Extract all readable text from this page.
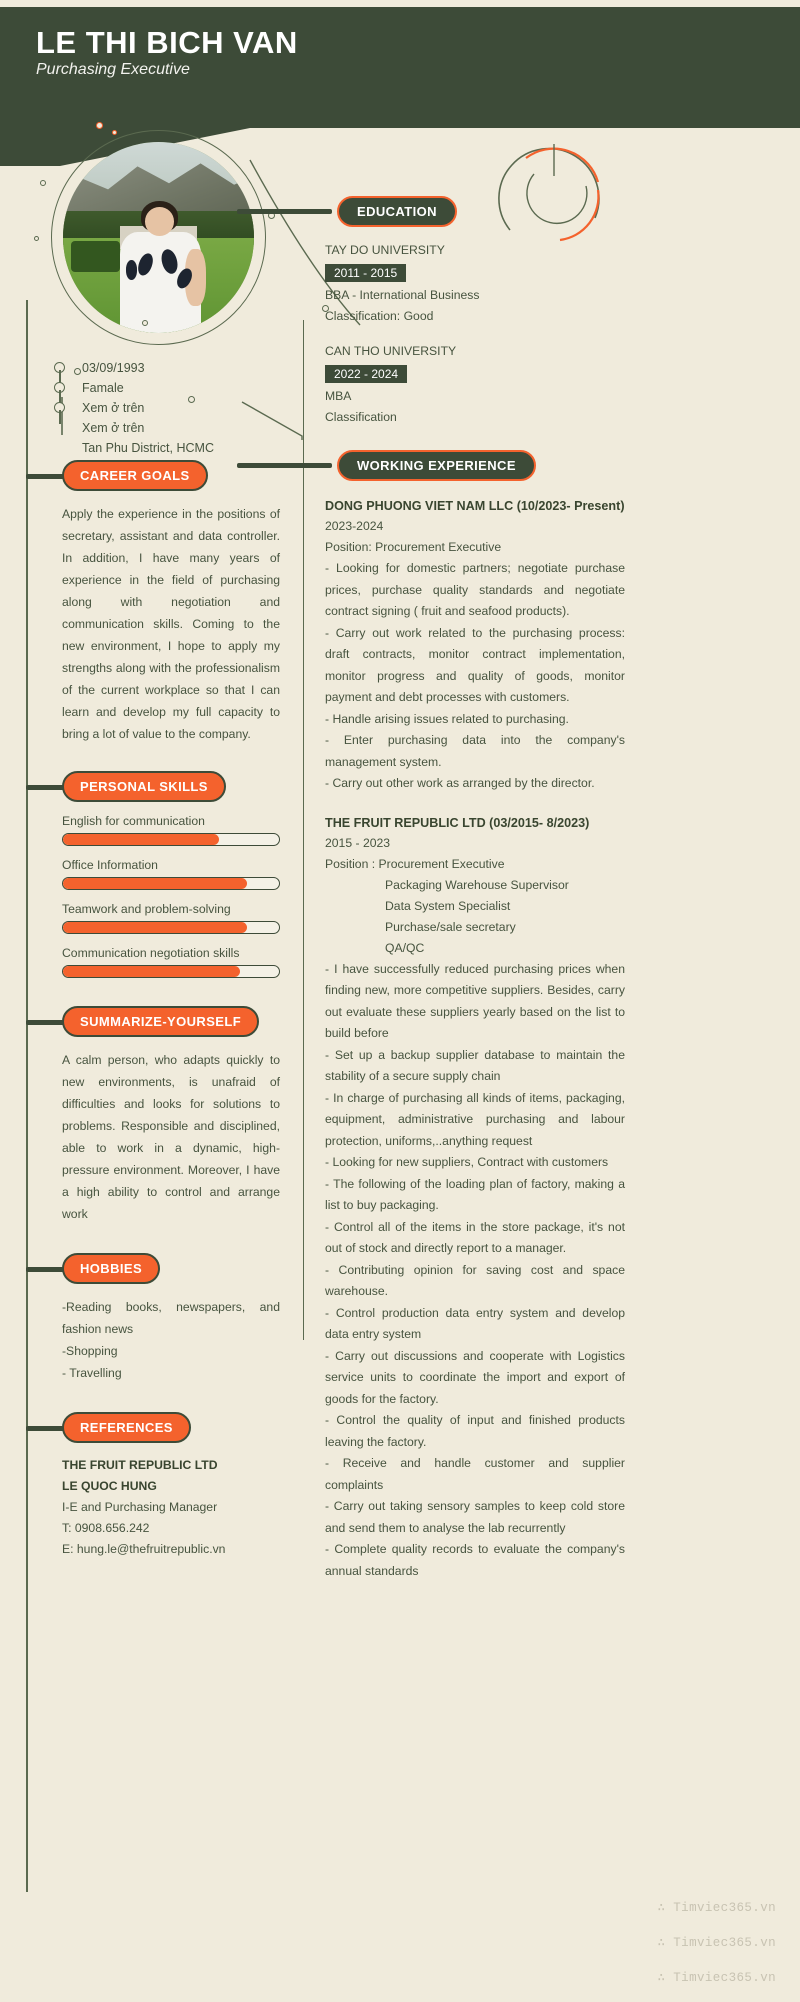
LE THI BICH VAN
Purchasing Executive
03/09/1993
Famale
Xem ở trên
Xem ở trên
Tan Phu District, HCMC
CAREER GOALS
Apply the experience in the positions of secretary, assistant and data controller. In addition, I have many years of experience in the field of purchasing along with negotiation and communication skills. Coming to the new environment, I hope to apply my strengths along with the professionalism of the current workplace so that I can learn and develop my full capacity to bring a lot of value to the company.
PERSONAL SKILLS
English for communication
Office Information
Teamwork and problem-solving
Communication negotiation skills
SUMMARIZE-YOURSELF
A calm person, who adapts quickly to new environments, is unafraid of difficulties and looks for solutions to problems. Responsible and disciplined, able to work in a dynamic, high-pressure environment. Moreover, I have a high ability to control and arrange work
HOBBIES
-Reading books, newspapers, and fashion news
-Shopping
- Travelling
REFERENCES
THE FRUIT REPUBLIC LTD
LE QUOC HUNG
I-E and Purchasing Manager
T: 0908.656.242
E: hung.le@thefruitrepublic.vn
EDUCATION
TAY DO UNIVERSITY
2011 - 2015
BBA - International Business
Classification: Good
CAN THO UNIVERSITY
2022 - 2024
MBA
Classification
WORKING EXPERIENCE
DONG PHUONG VIET NAM LLC (10/2023- Present)
2023-2024
Position: Procurement Executive
- Looking for domestic partners; negotiate purchase prices, purchase quality standards and negotiate contract signing ( fruit and seafood products).
- Carry out work related to the purchasing process: draft contracts, monitor contract implementation, monitor progress and quality of goods, monitor payment and debt processes with customers.
- Handle arising issues related to purchasing.
- Enter purchasing data into the company's management system.
- Carry out other work as arranged by the director.
THE FRUIT REPUBLIC LTD (03/2015- 8/2023)
2015 - 2023
Position : Procurement Executive
Packaging Warehouse Supervisor
Data System Specialist
Purchase/sale secretary
QA/QC
- I have successfully reduced purchasing prices when finding new, more competitive suppliers. Besides, carry out evaluate these suppliers yearly based on the list to build before
- Set up a backup supplier database to maintain the stability of a secure supply chain
- In charge of purchasing all kinds of items, packaging, equipment, administrative purchasing and labour protection, uniforms,..anything request
- Looking for new suppliers, Contract with customers
- The following of the loading plan of factory, making a list to buy packaging.
- Control all of the items in the store package, it's not out of stock and directly report to a manager.
- Contributing opinion for saving cost and space warehouse.
- Control production data entry system and develop data entry system
- Carry out discussions and cooperate with Logistics service units to coordinate the import and export of goods for the factory.
- Control the quality of input and finished products leaving the factory.
- Receive and handle customer and supplier complaints
- Carry out taking sensory samples to keep cold store and send them to analyse the lab recurrently
- Complete quality records to evaluate the company's annual standards
∴ Timviec365.vn
∴ Timviec365.vn
∴ Timviec365.vn
